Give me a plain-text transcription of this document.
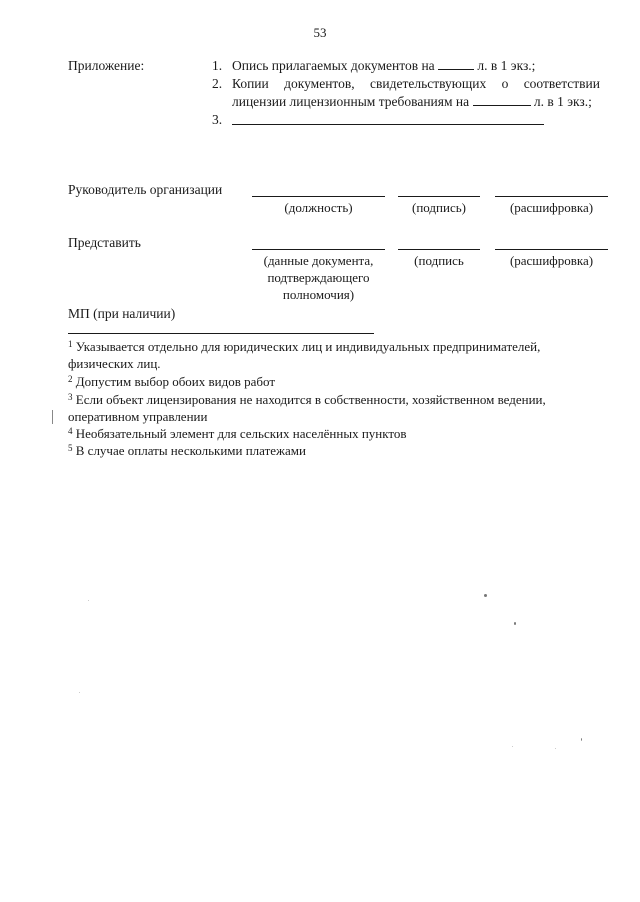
53
Приложение:	1. Опись прилагаемых документов на	л. в 1 экз.;
2. Копии документов, свидетельствующих о соответствии
лицензии лицензионным требованиям на	л. в 1 экз.;
3.
Руководитель организации
(должность)	(подпись)	(расшифровка)
Представить
(данные документа,
подтверждающего
полномочия)
(подпись	(расшифровка)
МП (при наличии)
$^1$ Указывается отдельно для юридических лиц и индивидуальных предпринимателей,
физических лиц.
$^2$ Допустим выбор обоих видов работ
$^3$ Если объект лицензирования не находится в собственности, хозяйственном ведении,
оперативном управлении
$^4$ Необязательный элемент для сельских населённых пунктов
$^5$ В случае оплаты несколькими платежами
